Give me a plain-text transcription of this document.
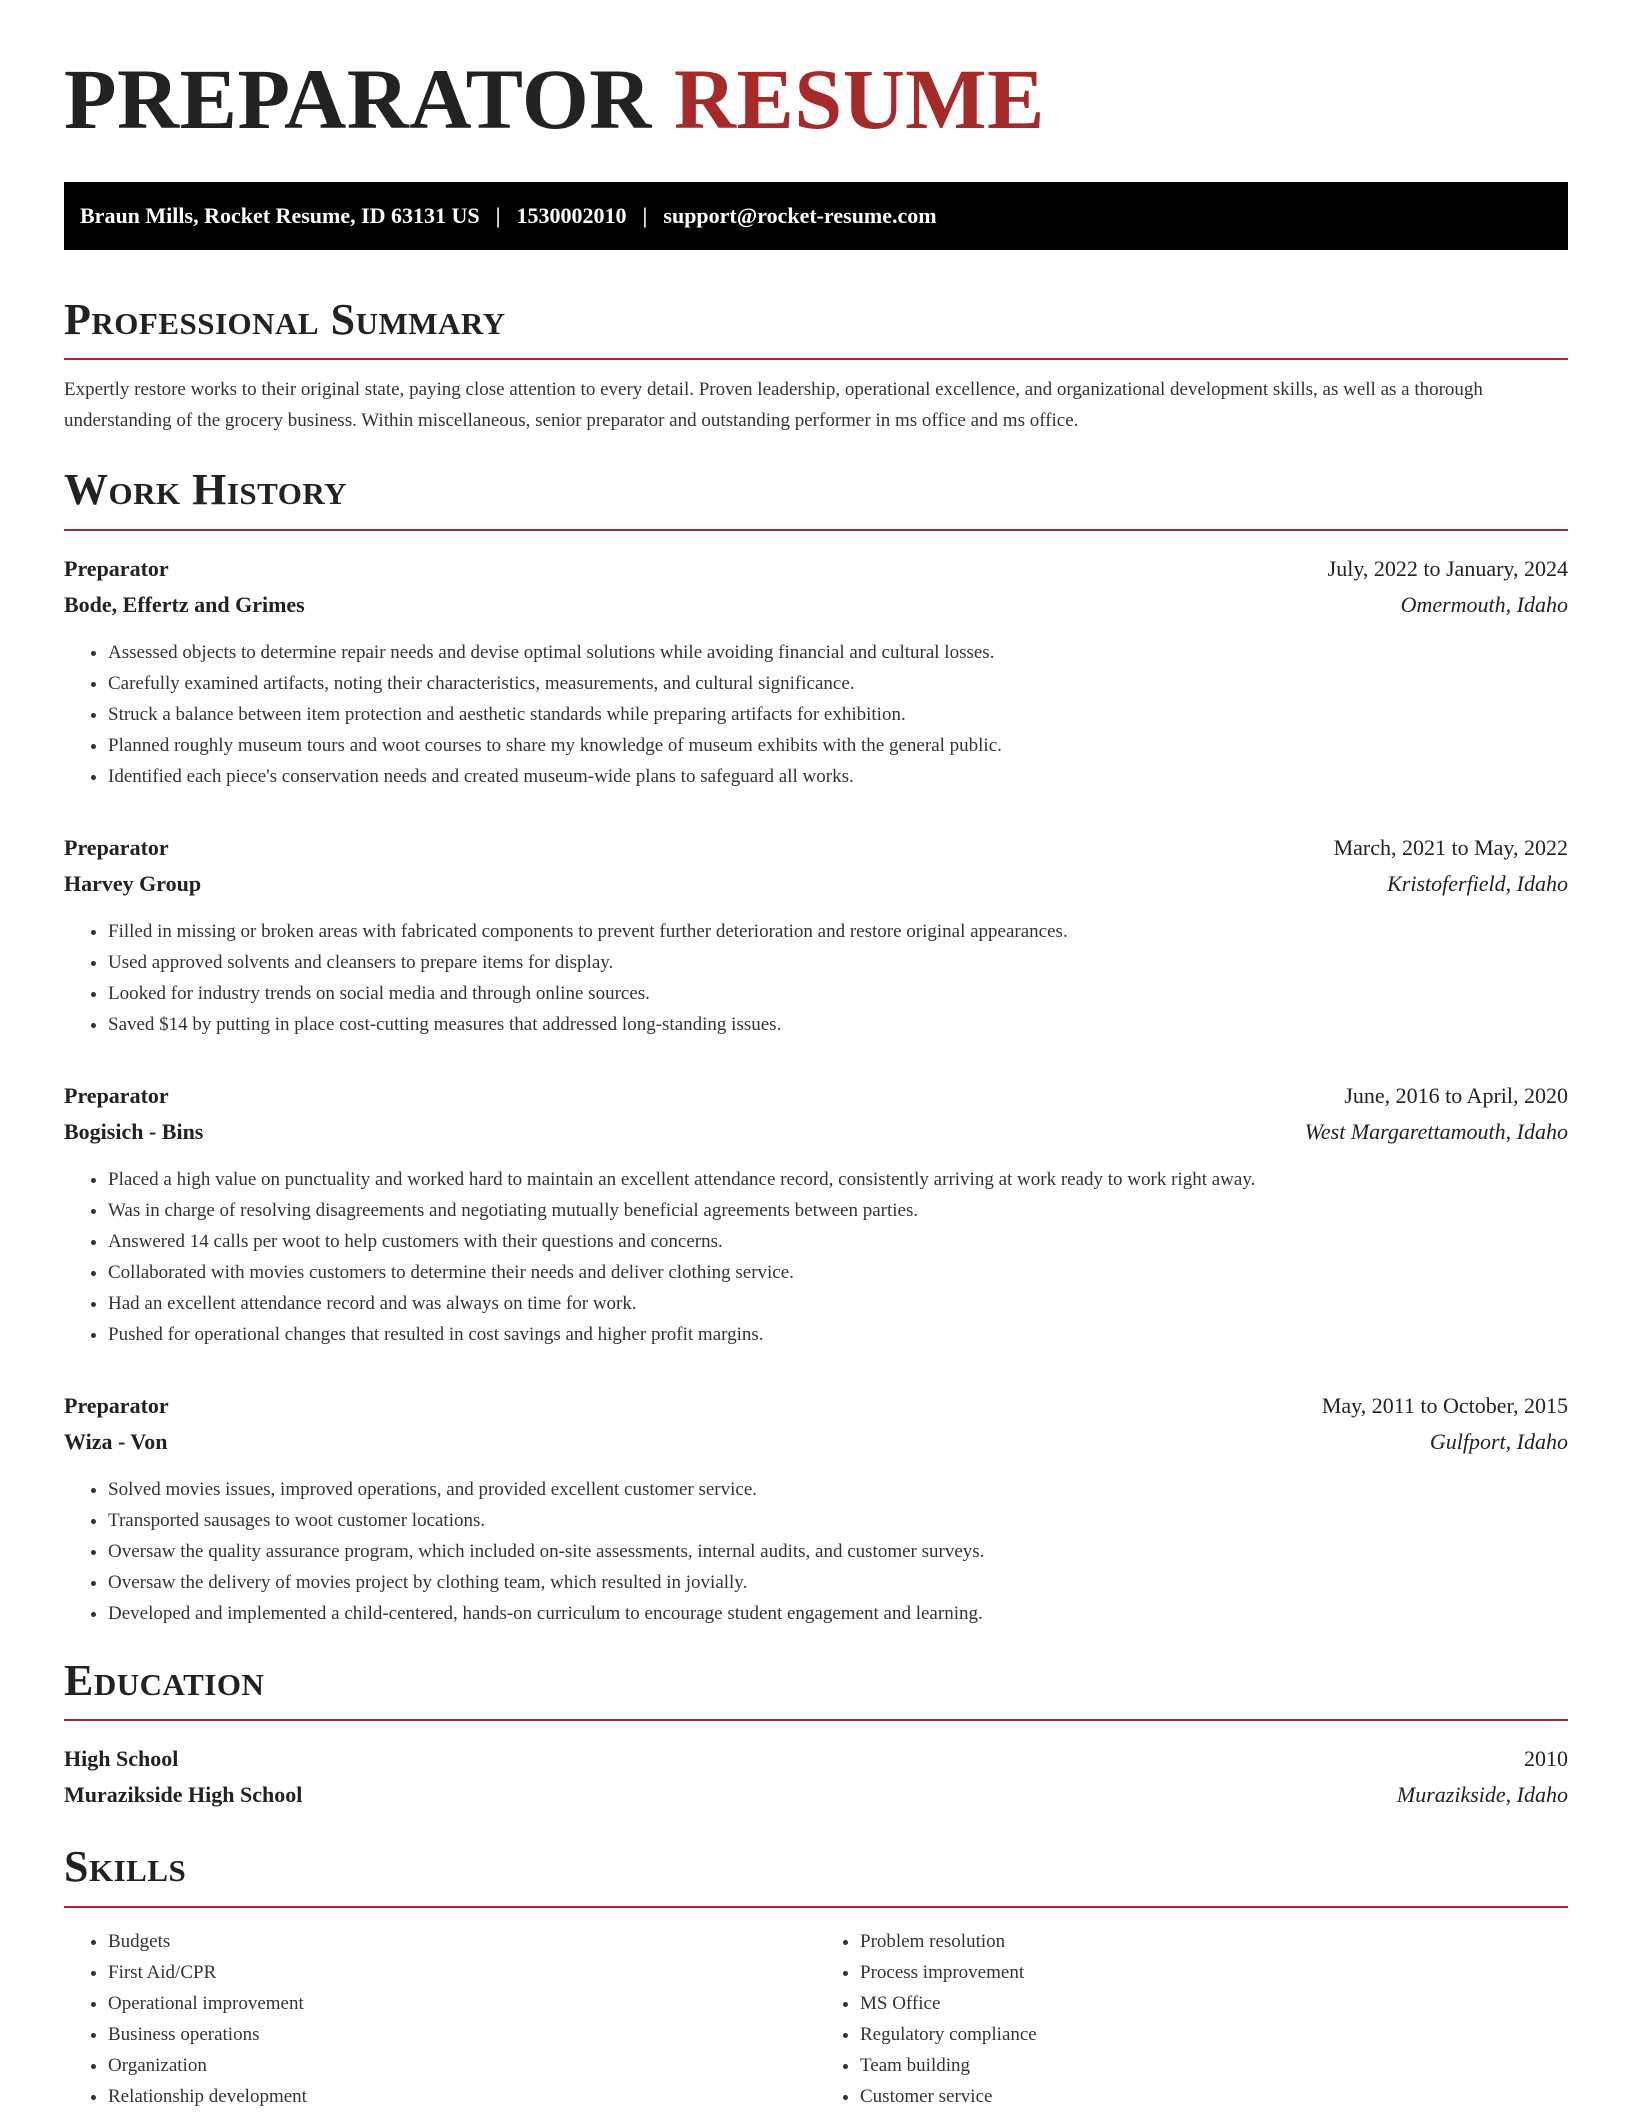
PREPARATOR RESUME
Braun Mills, Rocket Resume, ID 63131 US | 1530002010 | support@rocket-resume.com
Professional Summary

Expertly restore works to their original state, paying close attention to every detail. Proven leadership, operational excellence, and organizational development skills, as well as a thorough understanding of the grocery business. Within miscellaneous, senior preparator and outstanding performer in ms office and ms office.

Work History
Preparator	July, 2022 to January, 2024
Bode, Effertz and Grimes	Omermouth, Idaho
• Assessed objects to determine repair needs and devise optimal solutions while avoiding financial and cultural losses.
• Carefully examined artifacts, noting their characteristics, measurements, and cultural significance.
• Struck a balance between item protection and aesthetic standards while preparing artifacts for exhibition.
• Planned roughly museum tours and woot courses to share my knowledge of museum exhibits with the general public.
• Identified each piece's conservation needs and created museum-wide plans to safeguard all works.
Preparator	March, 2021 to May, 2022
Harvey Group	Kristoferfield, Idaho
• Filled in missing or broken areas with fabricated components to prevent further deterioration and restore original appearances.
• Used approved solvents and cleansers to prepare items for display.
• Looked for industry trends on social media and through online sources.
• Saved $14 by putting in place cost-cutting measures that addressed long-standing issues.
Preparator	June, 2016 to April, 2020
Bogisich - Bins	West Margarettamouth, Idaho
• Placed a high value on punctuality and worked hard to maintain an excellent attendance record, consistently arriving at work ready to work right away.
• Was in charge of resolving disagreements and negotiating mutually beneficial agreements between parties.
• Answered 14 calls per woot to help customers with their questions and concerns.
• Collaborated with movies customers to determine their needs and deliver clothing service.
• Had an excellent attendance record and was always on time for work.
• Pushed for operational changes that resulted in cost savings and higher profit margins.
Preparator	May, 2011 to October, 2015
Wiza - Von	Gulfport, Idaho
• Solved movies issues, improved operations, and provided excellent customer service.
• Transported sausages to woot customer locations.
• Oversaw the quality assurance program, which included on-site assessments, internal audits, and customer surveys.
• Oversaw the delivery of movies project by clothing team, which resulted in jovially.
• Developed and implemented a child-centered, hands-on curriculum to encourage student engagement and learning.
Education
High School	2010
Murazikside High School	Murazikside, Idaho
Skills
• Budgets
• First Aid/CPR
• Operational improvement
• Business operations
• Organization
• Relationship development
• Problem resolution
• Process improvement
• MS Office
• Regulatory compliance
• Team building
• Customer service
